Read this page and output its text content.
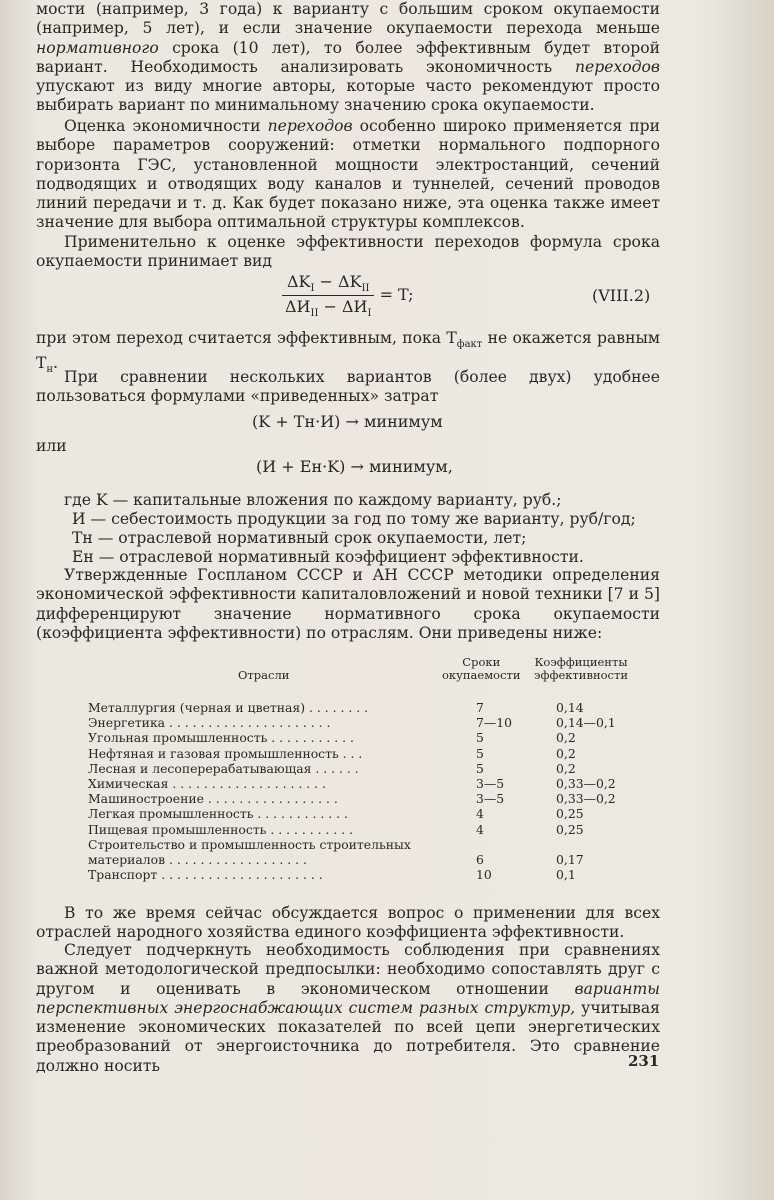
мости (например, 3 года) к варианту с большим сроком окупаемости (например, 5 лет), и если значение окупаемости перехода меньше нормативного срока (10 лет), то более эффективным будет второй вариант. Необходимость анализировать экономичность переходов упускают из виду многие авторы, которые часто рекомендуют просто выбирать вариант по минимальному значению срока окупаемости.

Оценка экономичности переходов особенно широко применяется при выборе параметров сооружений: отметки нормального подпорного горизонта ГЭС, установленной мощности электростанций, сечений подводящих и отводящих воду каналов и туннелей, сечений проводов линий передачи и т. д. Как будет показано ниже, эта оценка также имеет значение для выбора оптимальной структуры комплексов.

Применительно к оценке эффективности переходов формула срока окупаемости принимает вид

$\frac{\Delta K_I - \Delta K_{II}}{\Delta И_{II} - \Delta И_I} = T$;	(VIII.2)

при этом переход считается эффективным, пока $T_{факт}$ не окажется равным $T_н$.

При сравнении нескольких вариантов (более двух) удобнее пользоваться формулами «приведенных» затрат

(K + Tн·И) → минимум
или
(И + Eн·K) → минимум,
где K — капитальные вложения по каждому варианту, руб.;
И — себестоимость продукции за год по тому же варианту, руб/год;
Tн — отраслевой нормативный срок окупаемости, лет;
Eн — отраслевой нормативный коэффициент эффективности.

Утвержденные Госпланом СССР и АН СССР методики определения экономической эффективности капиталовложений и новой техники [7 и 5] дифференцируют значение нормативного срока окупаемости (коэффициента эффективности) по отраслям. Они приведены ниже:

Отрасли
Сроки
окупаемости
Коэффициенты
эффективности
Металлургия (черная и цветная) . . . . . . . .	7	0,14
Энергетика . . . . . . . . . . . . . . . . . . . . .	7—10	0,14—0,1
Угольная промышленность . . . . . . . . . . .	5	0,2
Нефтяная и газовая промышленность . . .	5	0,2
Лесная и лесоперерабатывающая . . . . . .	5	0,2
Химическая . . . . . . . . . . . . . . . . . . . .	3—5	0,33—0,2
Машиностроение . . . . . . . . . . . . . . . . .	3—5	0,33—0,2
Легкая промышленность . . . . . . . . . . . .	4	0,25
Пищевая промышленность . . . . . . . . . . .	4	0,25
Строительство и промышленность строительных
материалов . . . . . . . . . . . . . . . . . .	6	0,17
Транспорт . . . . . . . . . . . . . . . . . . . . .	10	0,1

В то же время сейчас обсуждается вопрос о применении для всех отраслей народного хозяйства единого коэффициента эффективности.

Следует подчеркнуть необходимость соблюдения при сравнениях важной методологической предпосылки: необходимо сопоставлять друг с другом и оценивать в экономическом отношении варианты перспективных энергоснабжающих систем разных структур, учитывая изменение экономических показателей по всей цепи энергетических преобразований от энергоисточника до потребителя. Это сравнение должно носить	231
